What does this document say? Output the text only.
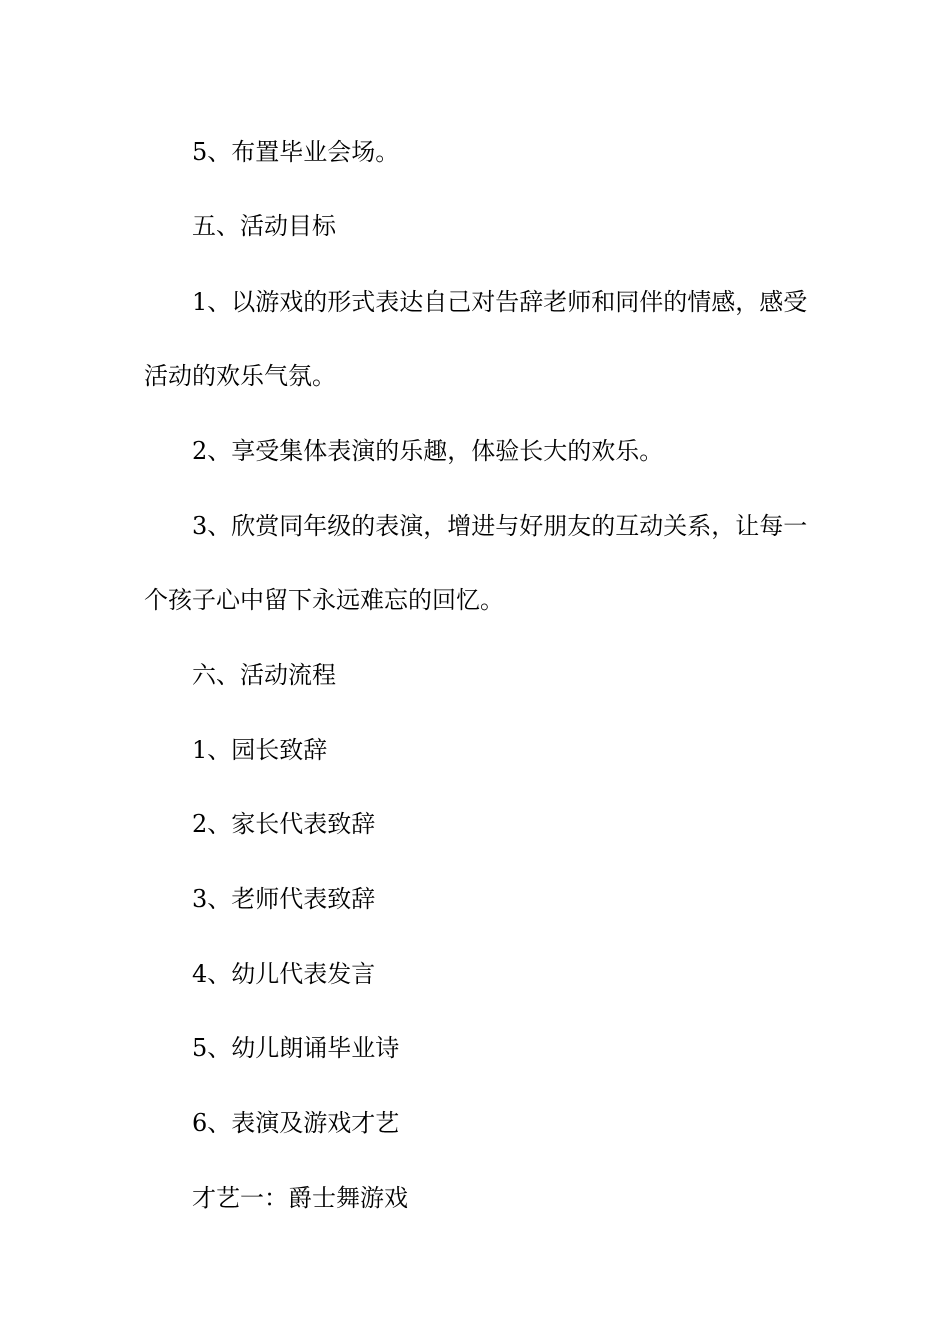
5、布置毕业会场。

五、活动目标

1、以游戏的形式表达自己对告辞老师和同伴的情感，感受

活动的欢乐气氛。

2、享受集体表演的乐趣，体验长大的欢乐。

3、欣赏同年级的表演，增进与好朋友的互动关系，让每一

个孩子心中留下永远难忘的回忆。

六、活动流程

1、园长致辞

2、家长代表致辞

3、老师代表致辞

4、幼儿代表发言

5、幼儿朗诵毕业诗

6、表演及游戏才艺

才艺一：爵士舞游戏
